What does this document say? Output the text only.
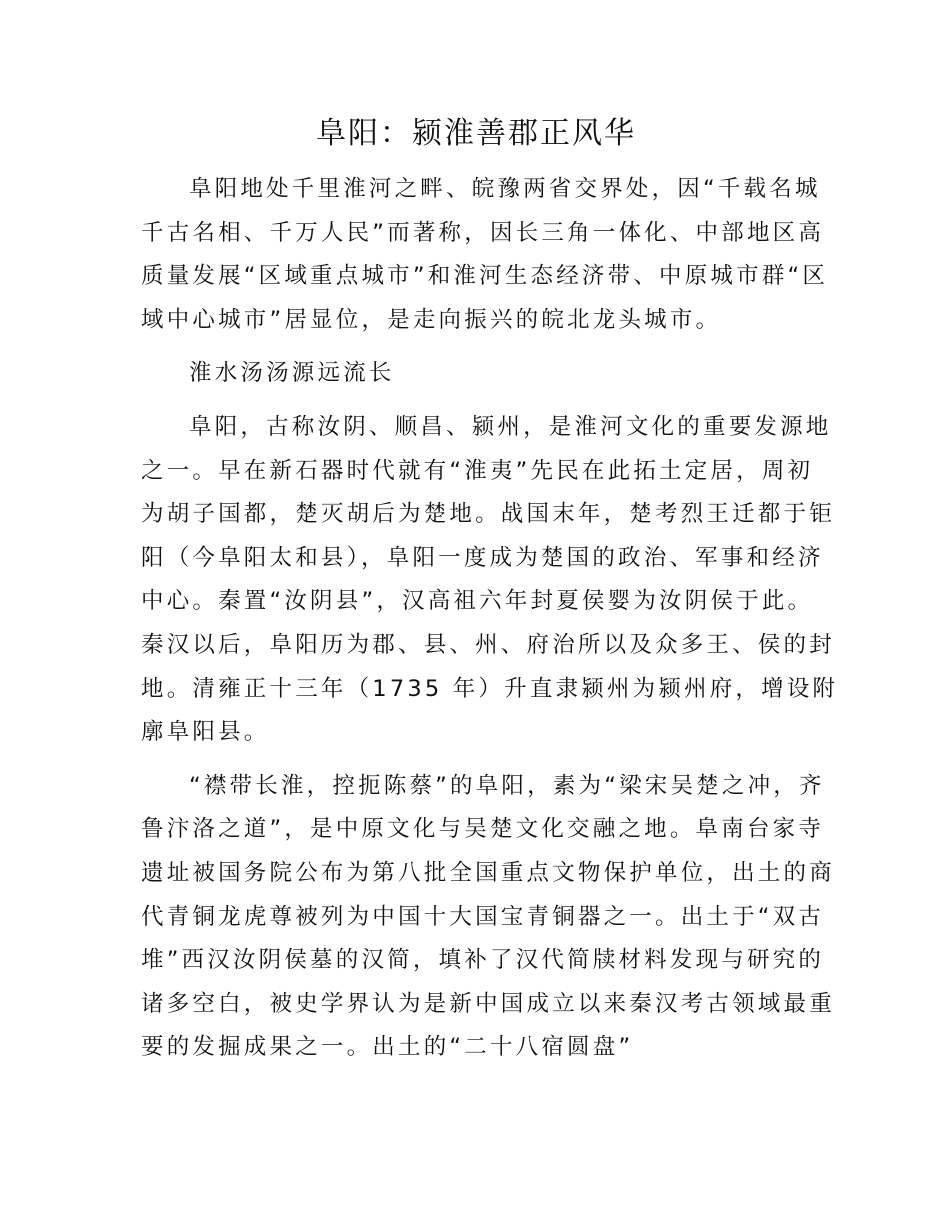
阜阳：颍淮善郡正风华
阜阳地处千里淮河之畔、皖豫两省交界处，因“千载名城
千古名相、千万人民”而著称，因长三角一体化、中部地区高
质量发展“区域重点城市”和淮河生态经济带、中原城市群“区
域中心城市”居显位，是走向振兴的皖北龙头城市。
淮水汤汤源远流长
阜阳，古称汝阴、顺昌、颍州，是淮河文化的重要发源地
之一。早在新石器时代就有“淮夷”先民在此拓土定居，周初
为胡子国都，楚灭胡后为楚地。战国末年，楚考烈王迁都于钜
阳（今阜阳太和县），阜阳一度成为楚国的政治、军事和经济
中心。秦置“汝阴县”，汉高祖六年封夏侯婴为汝阴侯于此。
秦汉以后，阜阳历为郡、县、州、府治所以及众多王、侯的封
地。清雍正十三年（1735 年）升直隶颍州为颍州府，增设附
廓阜阳县。
“襟带长淮，控扼陈蔡”的阜阳，素为“梁宋吴楚之冲，齐
鲁汴洛之道”，是中原文化与吴楚文化交融之地。阜南台家寺
遗址被国务院公布为第八批全国重点文物保护单位，出土的商
代青铜龙虎尊被列为中国十大国宝青铜器之一。出土于“双古
堆”西汉汝阴侯墓的汉简，填补了汉代简牍材料发现与研究的
诸多空白，被史学界认为是新中国成立以来秦汉考古领域最重
要的发掘成果之一。出土的“二十八宿圆盘”
